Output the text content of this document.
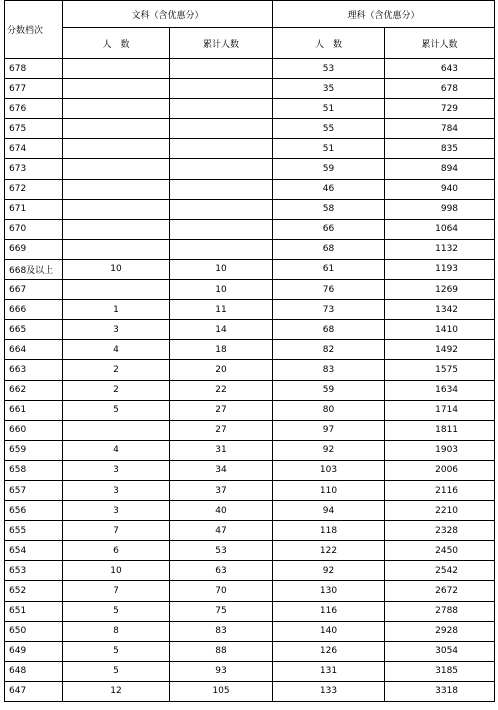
分数档次	文科（含优惠分）		理科（含优惠分）	
	人　数	累计人数	人　数	累计人数
678			53	643
677			35	678
676			51	729
675			55	784
674			51	835
673			59	894
672			46	940
671			58	998
670			66	1064
669			68	1132
668及以上	10	10	61	1193
667		10	76	1269
666	1	11	73	1342
665	3	14	68	1410
664	4	18	82	1492
663	2	20	83	1575
662	2	22	59	1634
661	5	27	80	1714
660		27	97	1811
659	4	31	92	1903
658	3	34	103	2006
657	3	37	110	2116
656	3	40	94	2210
655	7	47	118	2328
654	6	53	122	2450
653	10	63	92	2542
652	7	70	130	2672
651	5	75	116	2788
650	8	83	140	2928
649	5	88	126	3054
648	5	93	131	3185
647	12	105	133	3318
